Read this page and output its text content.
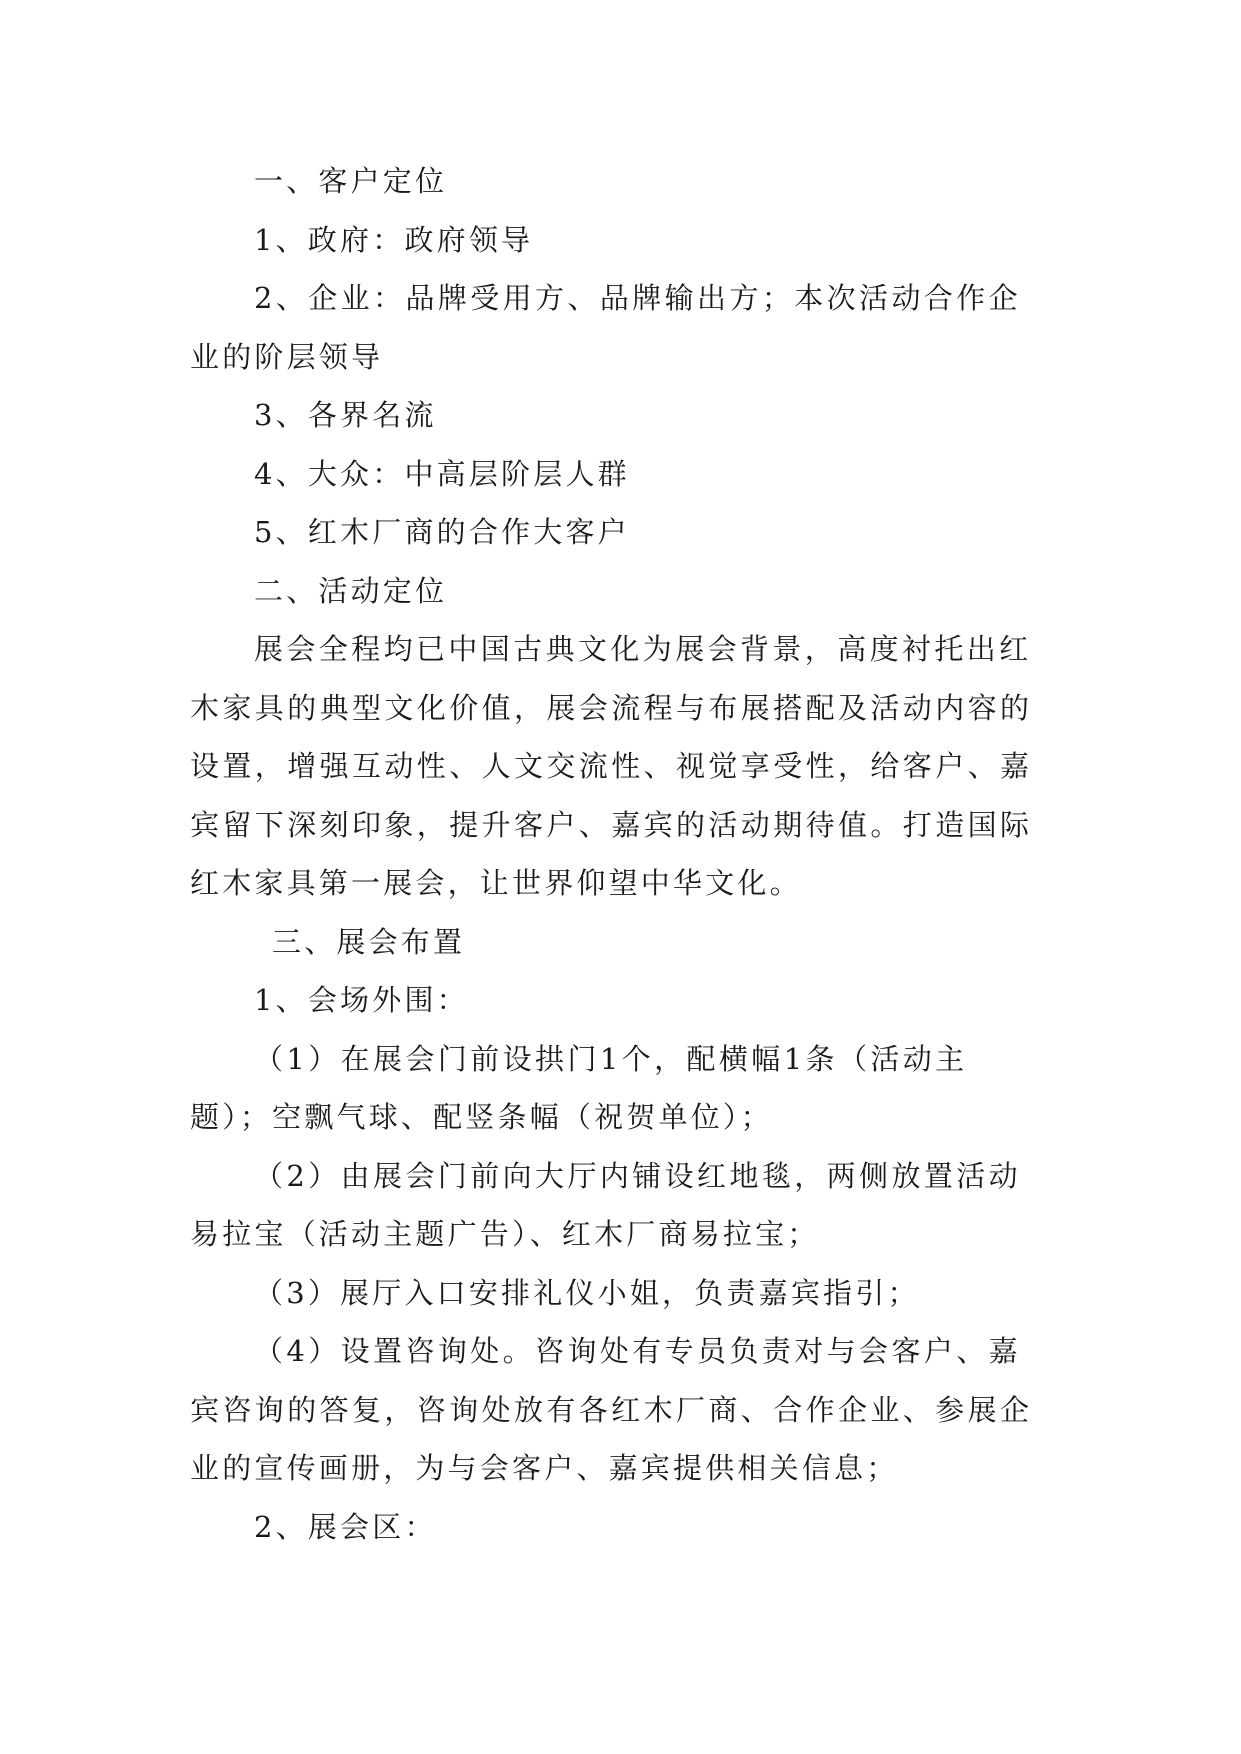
一、客户定位

1、政府：政府领导

2、企业：品牌受用方、品牌输出方；本次活动合作企

业的阶层领导

3、各界名流

4、大众：中高层阶层人群

5、红木厂商的合作大客户

二、活动定位

展会全程均已中国古典文化为展会背景，高度衬托出红

木家具的典型文化价值，展会流程与布展搭配及活动内容的

设置，增强互动性、人文交流性、视觉享受性，给客户、嘉

宾留下深刻印象，提升客户、嘉宾的活动期待值。打造国际

红木家具第一展会，让世界仰望中华文化。

三、展会布置

1、会场外围：

（1）在展会门前设拱门1个，配横幅1条（活动主

题）；空飘气球、配竖条幅（祝贺单位）；

（2）由展会门前向大厅内铺设红地毯，两侧放置活动

易拉宝（活动主题广告）、红木厂商易拉宝；

（3）展厅入口安排礼仪小姐，负责嘉宾指引；

（4）设置咨询处。咨询处有专员负责对与会客户、嘉

宾咨询的答复，咨询处放有各红木厂商、合作企业、参展企

业的宣传画册，为与会客户、嘉宾提供相关信息；

2、展会区：
